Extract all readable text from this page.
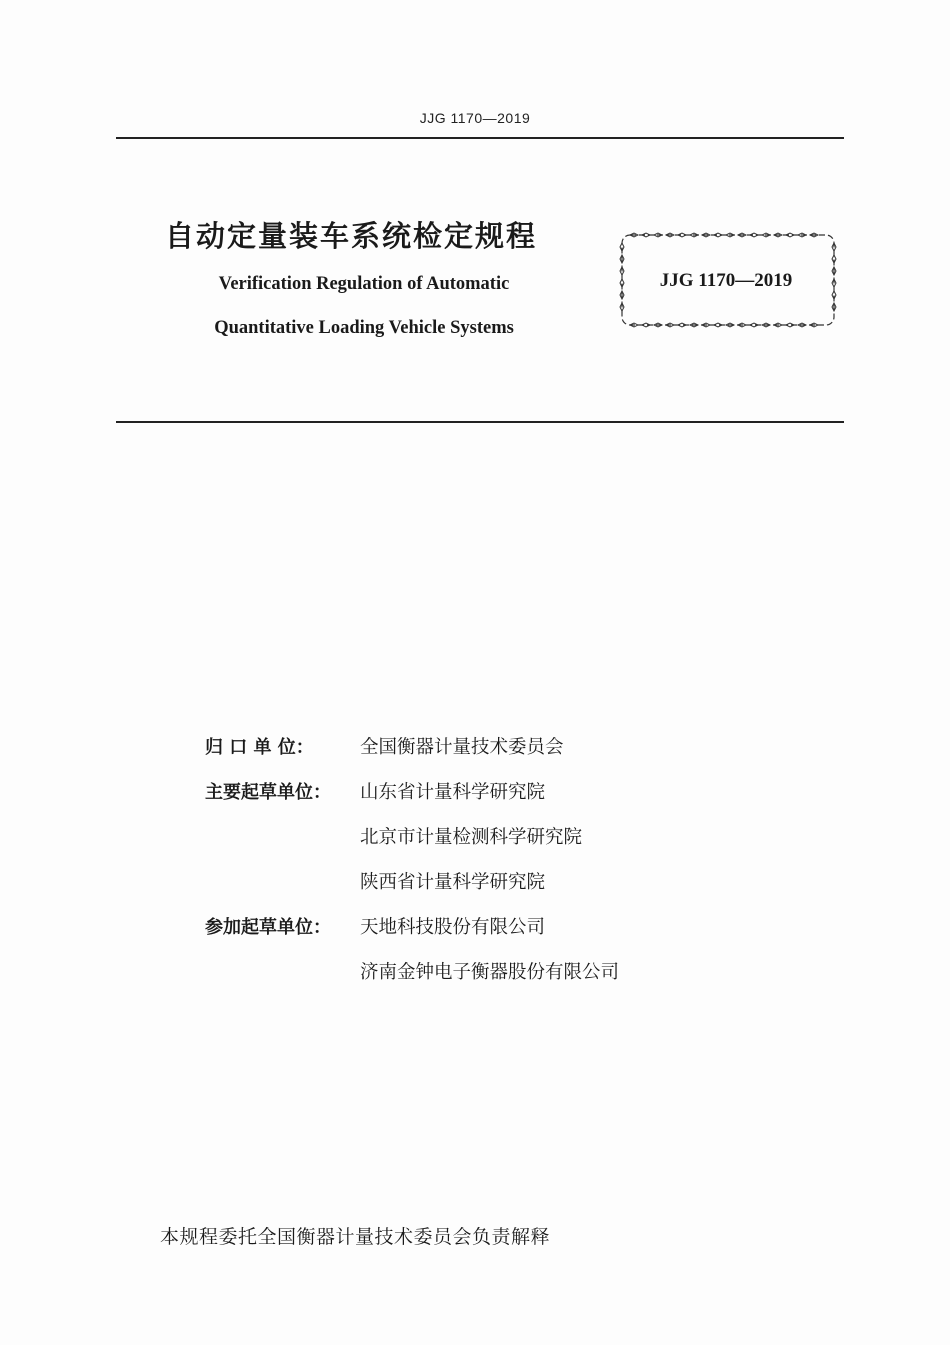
JJG 1170—2019
自动定量装车系统检定规程
Verification Regulation of Automatic
Quantitative Loading Vehicle Systems
JJG 1170—2019
归 口 单 位： 全国衡器计量技术委员会
主要起草单位： 山东省计量科学研究院
北京市计量检测科学研究院
陕西省计量科学研究院
参加起草单位： 天地科技股份有限公司
济南金钟电子衡器股份有限公司
本规程委托全国衡器计量技术委员会负责解释
